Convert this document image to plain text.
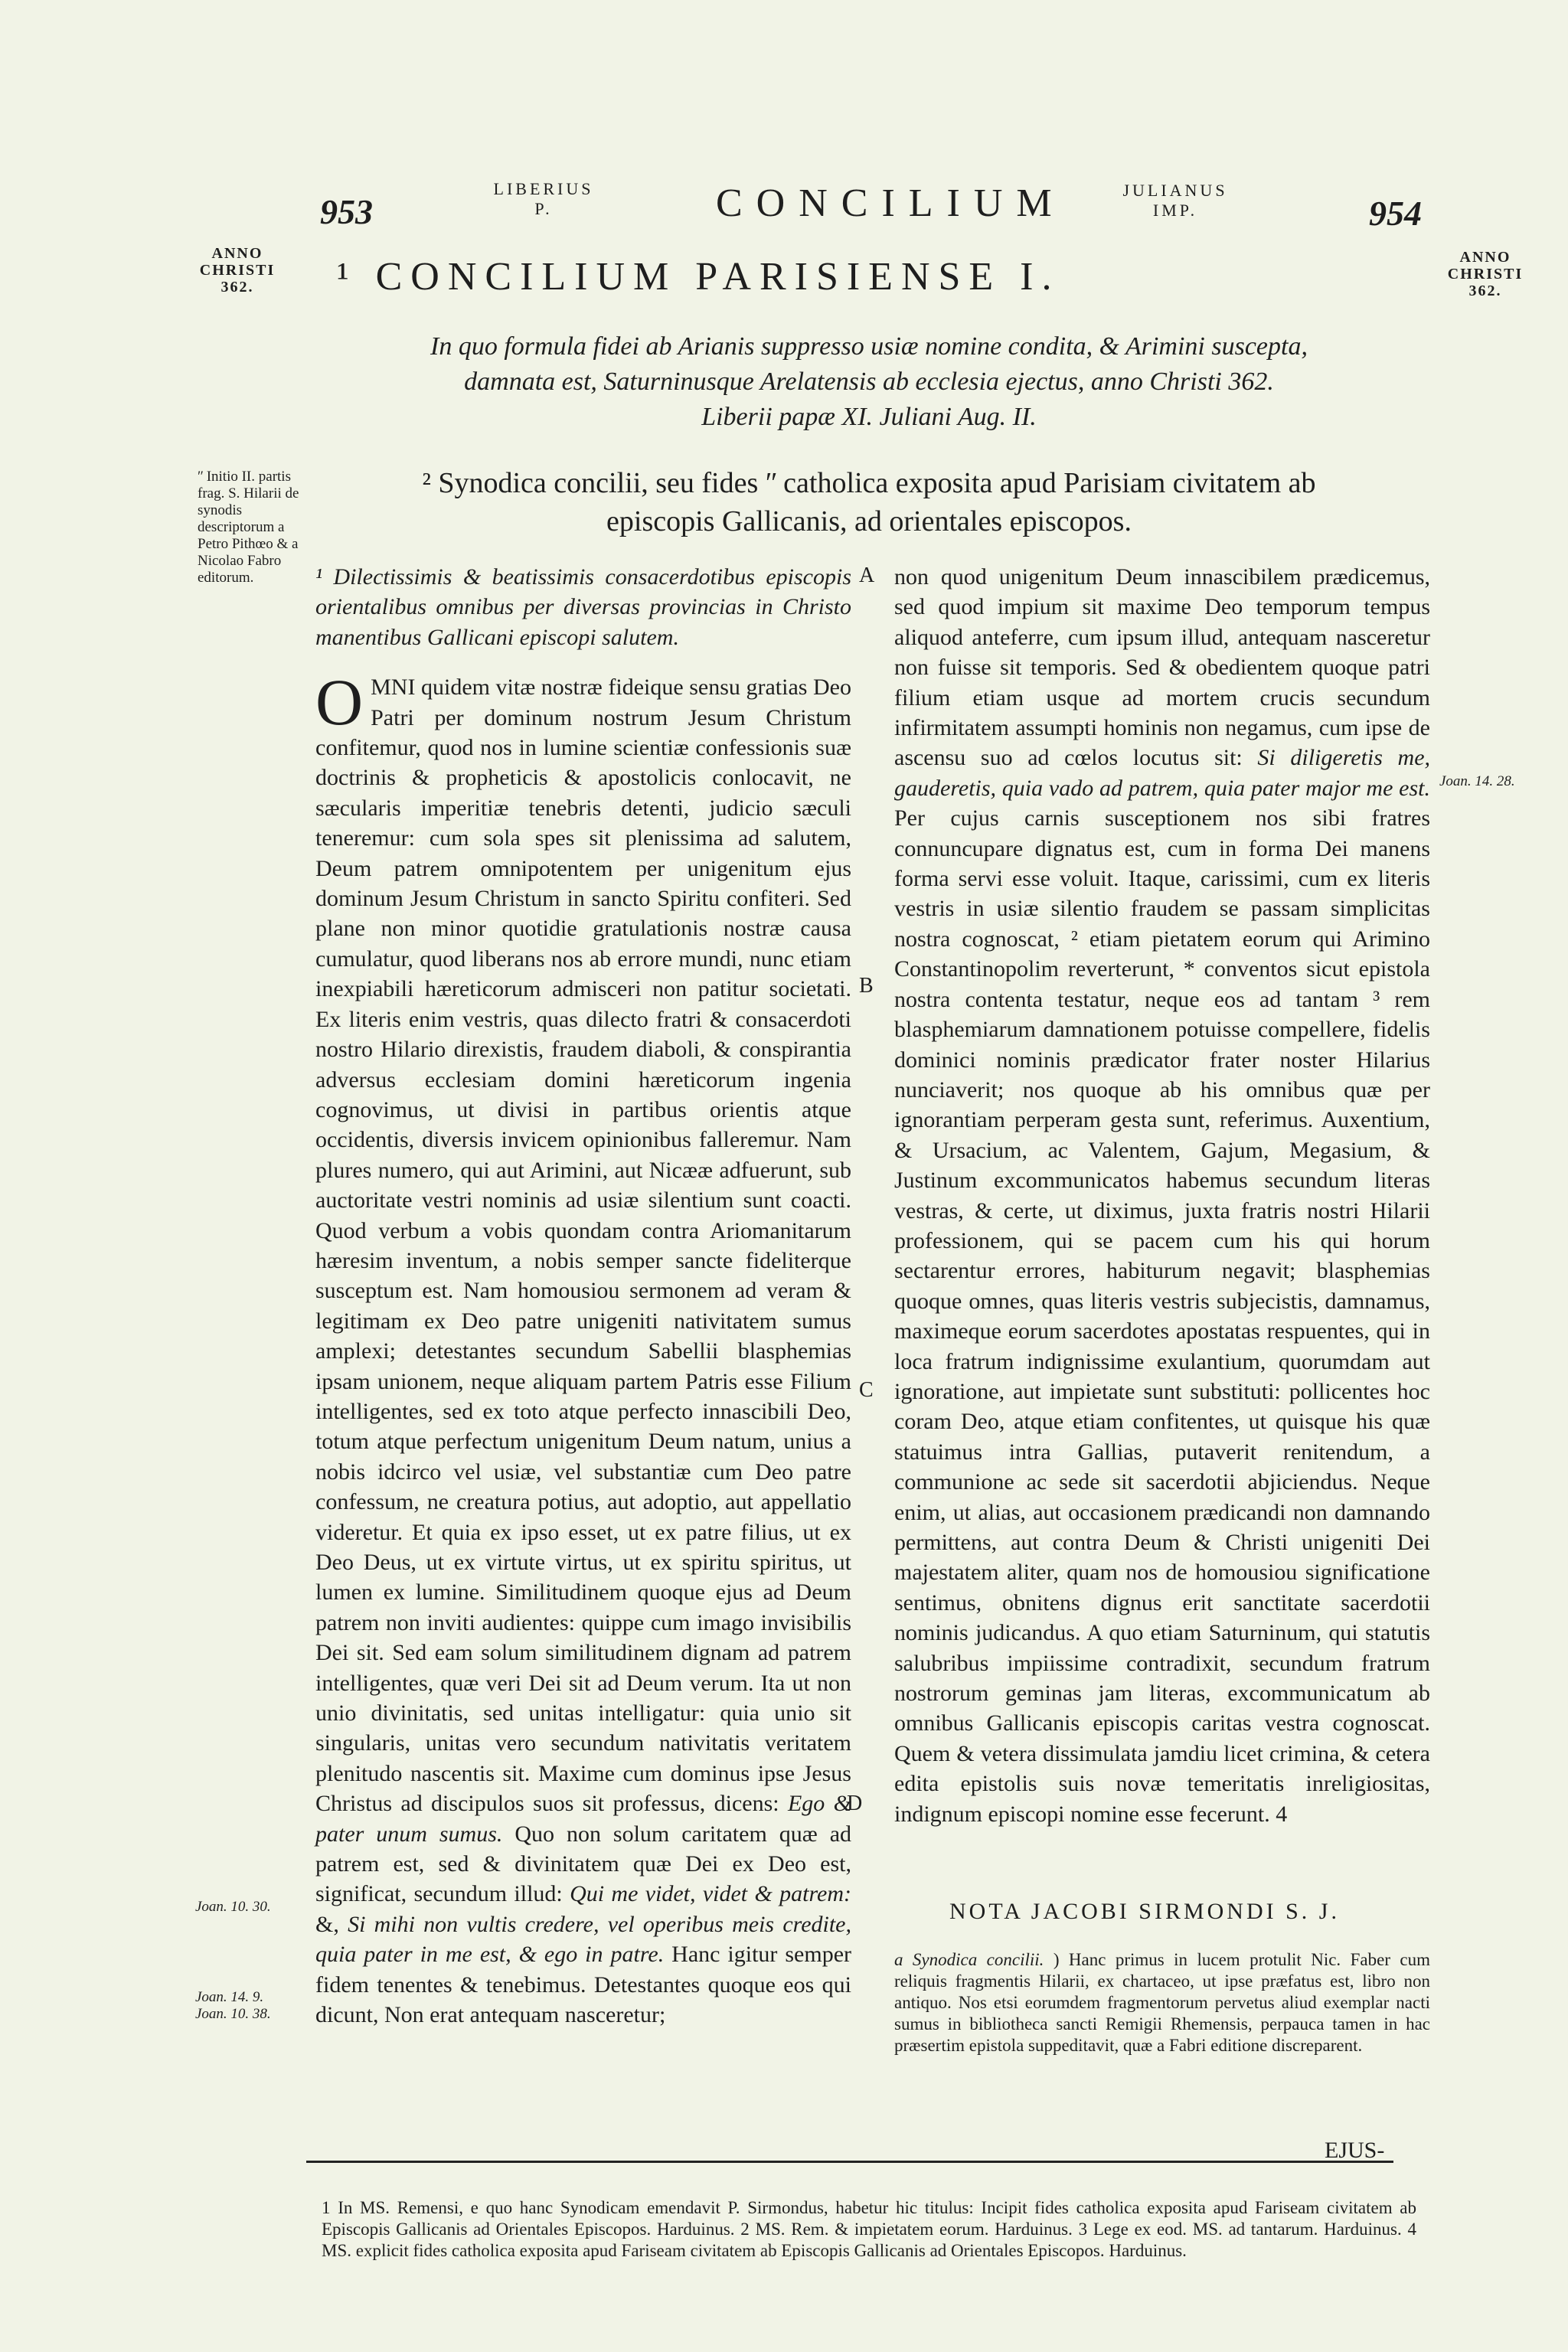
953
LIBERIUS
P.	CONCILIUM	JULIANUS
IMP.	954
ANNO
CHRISTI
362.
ANNO
CHRISTI
362.
¹ CONCILIUM PARISIENSE I.
In quo formula fidei ab Arianis suppresso usiæ nomine condita, & Arimini suscepta,
damnata est, Saturninusque Arelatensis ab ecclesia ejectus, anno Christi 362.
Liberii papæ XI. Juliani Aug. II.
² Synodica concilii, seu fides ʺ catholica exposita apud Parisiam civitatem ab
episcopis Gallicanis, ad orientales episcopos.
ʺ Initio II. partis frag. S. Hilarii de synodis descriptorum a Petro Pithœo & a Nicolao Fabro editorum.
Joan. 14. 28.
Joan. 10. 30.
Joan. 14. 9.
Joan. 10. 38.
A
B
C
D

¹ Dilectissimis & beatissimis consacerdotibus episcopis orientalibus omnibus per diversas provincias in Christo manentibus Gallicani episcopi salutem.

OMNI quidem vitæ nostræ fideique sensu gratias Deo Patri per dominum nostrum Jesum Christum confitemur, quod nos in lumine scientiæ confessionis suæ doctrinis & propheticis & apostolicis conlocavit, ne sæcularis imperitiæ tenebris detenti, judicio sæculi teneremur: cum sola spes sit plenissima ad salutem, Deum patrem omnipotentem per unigenitum ejus dominum Jesum Christum in sancto Spiritu confiteri. Sed plane non minor quotidie gratulationis nostræ causa cumulatur, quod liberans nos ab errore mundi, nunc etiam inexpiabili hæreticorum admisceri non patitur societati. Ex literis enim vestris, quas dilecto fratri & consacerdoti nostro Hilario direxistis, fraudem diaboli, & conspirantia adversus ecclesiam domini hæreticorum ingenia cognovimus, ut divisi in partibus orientis atque occidentis, diversis invicem opinionibus falleremur. Nam plures numero, qui aut Arimini, aut Nicææ adfuerunt, sub auctoritate vestri nominis ad usiæ silentium sunt coacti. Quod verbum a vobis quondam contra Ariomanitarum hæresim inventum, a nobis semper sancte fideliterque susceptum est. Nam homousiou sermonem ad veram & legitimam ex Deo patre unigeniti nativitatem sumus amplexi; detestantes secundum Sabellii blasphemias ipsam unionem, neque aliquam partem Patris esse Filium intelligentes, sed ex toto atque perfecto innascibili Deo, totum atque perfectum unigenitum Deum natum, unius a nobis idcirco vel usiæ, vel substantiæ cum Deo patre confessum, ne creatura potius, aut adoptio, aut appellatio videretur. Et quia ex ipso esset, ut ex patre filius, ut ex Deo Deus, ut ex virtute virtus, ut ex spiritu spiritus, ut lumen ex lumine. Similitudinem quoque ejus ad Deum patrem non inviti audientes: quippe cum imago invisibilis Dei sit. Sed eam solum similitudinem dignam ad patrem intelligentes, quæ veri Dei sit ad Deum verum. Ita ut non unio divinitatis, sed unitas intelligatur: quia unio sit singularis, unitas vero secundum nativitatis veritatem plenitudo nascentis sit. Maxime cum dominus ipse Jesus Christus ad discipulos suos sit professus, dicens: Ego & pater unum sumus. Quo non solum caritatem quæ ad patrem est, sed & divinitatem quæ Dei ex Deo est, significat, secundum illud: Qui me videt, videt & patrem: &, Si mihi non vultis credere, vel operibus meis credite, quia pater in me est, & ego in patre. Hanc igitur semper fidem tenentes & tenebimus. Detestantes quoque eos qui dicunt, Non erat antequam nasceretur;

non quod unigenitum Deum innascibilem prædicemus, sed quod impium sit maxime Deo temporum tempus aliquod anteferre, cum ipsum illud, antequam nasceretur non fuisse sit temporis. Sed & obedientem quoque patri filium etiam usque ad mortem crucis secundum infirmitatem assumpti hominis non negamus, cum ipse de ascensu suo ad cœlos locutus sit: Si diligeretis me, gauderetis, quia vado ad patrem, quia pater major me est. Per cujus carnis susceptionem nos sibi fratres connuncupare dignatus est, cum in forma Dei manens forma servi esse voluit. Itaque, carissimi, cum ex literis vestris in usiæ silentio fraudem se passam simplicitas nostra cognoscat, ² etiam pietatem eorum qui Arimino Constantinopolim reverterunt, * conventos sicut epistola nostra contenta testatur, neque eos ad tantam ³ rem blasphemiarum damnationem potuisse compellere, fidelis dominici nominis prædicator frater noster Hilarius nunciaverit; nos quoque ab his omnibus quæ per ignorantiam perperam gesta sunt, referimus. Auxentium, & Ursacium, ac Valentem, Gajum, Megasium, & Justinum excommunicatos habemus secundum literas vestras, & certe, ut diximus, juxta fratris nostri Hilarii professionem, qui se pacem cum his qui horum sectarentur errores, habiturum negavit; blasphemias quoque omnes, quas literis vestris subjecistis, damnamus, maximeque eorum sacerdotes apostatas respuentes, qui in loca fratrum indignissime exulantium, quorumdam aut ignoratione, aut impietate sunt substituti: pollicentes hoc coram Deo, atque etiam confitentes, ut quisque his quæ statuimus intra Gallias, putaverit renitendum, a communione ac sede sit sacerdotii abjiciendus. Neque enim, ut alias, aut occasionem prædicandi non damnando permittens, aut contra Deum & Christi unigeniti Dei majestatem aliter, quam nos de homousiou significatione sentimus, obnitens dignus erit sanctitate sacerdotii nominis judicandus. A quo etiam Saturninum, qui statutis salubribus impiissime contradixit, secundum fratrum nostrorum geminas jam literas, excommunicatum ab omnibus Gallicanis episcopis caritas vestra cognoscat. Quem & vetera dissimulata jamdiu licet crimina, & cetera edita epistolis suis novæ temeritatis inreligiositas, indignum episcopi nomine esse fecerunt. 4

NOTA JACOBI SIRMONDI S. J.
a Synodica concilii. ) Hanc primus in lucem protulit Nic. Faber cum reliquis fragmentis Hilarii, ex chartaceo, ut ipse præfatus est, libro non antiquo. Nos etsi eorumdem fragmentorum pervetus aliud exemplar nacti sumus in bibliotheca sancti Remigii Rhemensis, perpauca tamen in hac præsertim epistola suppeditavit, quæ a Fabri editione discreparent.
EJUS-
1 In MS. Remensi, e quo hanc Synodicam emendavit P. Sirmondus, habetur hic titulus: Incipit fides catholica exposita apud Fariseam civitatem ab Episcopis Gallicanis ad Orientales Episcopos. Harduinus. 2 MS. Rem. & impietatem eorum. Harduinus. 3 Lege ex eod. MS. ad tantarum. Harduinus. 4 MS. explicit fides catholica exposita apud Fariseam civitatem ab Episcopis Gallicanis ad Orientales Episcopos. Harduinus.
